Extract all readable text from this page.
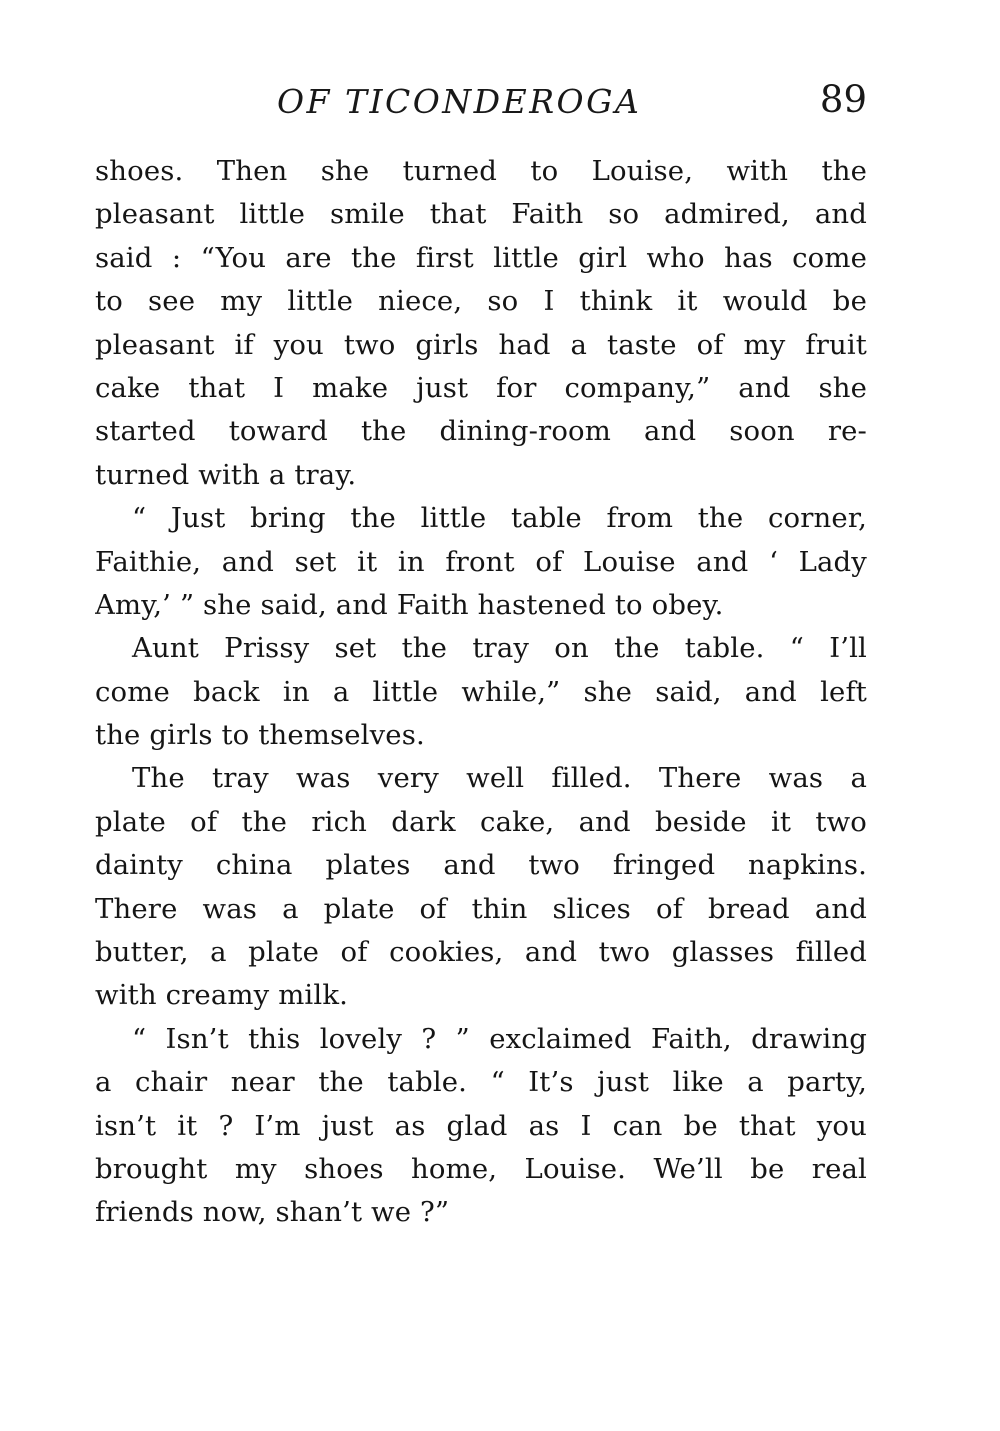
OF TICONDEROGA	89
shoes. Then she turned to Louise, with the
pleasant little smile that Faith so admired, and
said : “You are the first little girl who has come
to see my little niece, so I think it would be
pleasant if you two girls had a taste of my fruit
cake that I make just for company,” and she
started toward the dining-room and soon re-
turned with a tray.
“ Just bring the little table from the corner,
Faithie, and set it in front of Louise and ‘ Lady
Amy,’ ” she said, and Faith hastened to obey.
Aunt Prissy set the tray on the table. “ I’ll
come back in a little while,” she said, and left
the girls to themselves.
The tray was very well filled. There was a
plate of the rich dark cake, and beside it two
dainty china plates and two fringed napkins.
There was a plate of thin slices of bread and
butter, a plate of cookies, and two glasses filled
with creamy milk.
“ Isn’t this lovely ? ” exclaimed Faith, drawing
a chair near the table. “ It’s just like a party,
isn’t it ? I’m just as glad as I can be that you
brought my shoes home, Louise. We’ll be real
friends now, shan’t we ?”
